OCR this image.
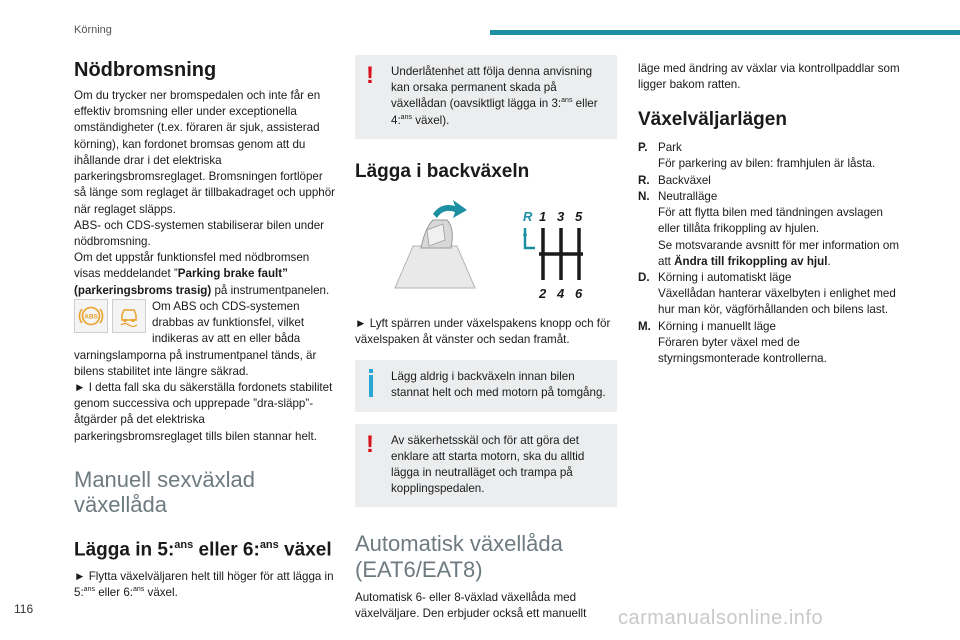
Körning
Nödbromsning

Om du trycker ner bromspedalen och inte får en effektiv bromsning eller under exceptionella omständigheter (t.ex. föraren är sjuk, assisterad körning), kan fordonet bromsas genom att du ihållande drar i det elektriska parkeringsbromsreglaget. Bromsningen fortlöper så länge som reglaget är tillbakadraget och upphör när reglaget släpps.

ABS- och CDS-systemen stabiliserar bilen under nödbromsning.

Om det uppstår funktionsfel med nödbromsen visas meddelandet ”Parking brake fault” (parkeringsbroms trasig) på instrumentpanelen.

ABS
Om ABS och CDS-systemen drabbas av funktionsfel, vilket indikeras av att en eller båda varningslamporna på instrumentpanel tänds, är bilens stabilitet inte längre säkrad.

► I detta fall ska du säkerställa fordonets stabilitet genom successiva och upprepade ”dra-släpp”-åtgärder på det elektriska parkeringsbromsreglaget tills bilen stannar helt.

Manuell sexväxlad växellåda
Lägga in 5:$^{ans}$ eller 6:$^{ans}$ växel

► Flytta växelväljaren helt till höger för att lägga in 5:$^{ans}$ eller 6:$^{ans}$ växel.

!	Underlåtenhet att följa denna anvisning kan orsaka permanent skada på växellådan (oavsiktligt lägga in 3:$^{ans}$ eller 4:$^{ans}$ växel).
Lägga i backväxeln
R 1 3 5
2 4 6

► Lyft spärren under växelspakens knopp och för växelspaken åt vänster och sedan framåt.

Lägg aldrig i backväxeln innan bilen stannat helt och med motorn på tomgång.
!	Av säkerhetsskäl och för att göra det enklare att starta motorn, ska du alltid lägga in neutralläget och trampa på kopplingspedalen.
Automatisk växellåda (EAT6/EAT8)

Automatisk 6- eller 8-växlad växellåda med växelväljare. Den erbjuder också ett manuellt

läge med ändring av växlar via kontrollpaddlar som ligger bakom ratten.

Växelväljarlägen
P. Park
För parkering av bilen: framhjulen är låsta.
R. Backväxel
N. Neutralläge
För att flytta bilen med tändningen avslagen eller tillåta frikoppling av hjulen.
Se motsvarande avsnitt för mer information om att Ändra till frikoppling av hjul.
D. Körning i automatiskt läge
Växellådan hanterar växelbyten i enlighet med hur man kör, vägförhållanden och bilens last.
M. Körning i manuellt läge
Föraren byter växel med de styrningsmonterade kontrollerna.
116	carmanualsonline.info
